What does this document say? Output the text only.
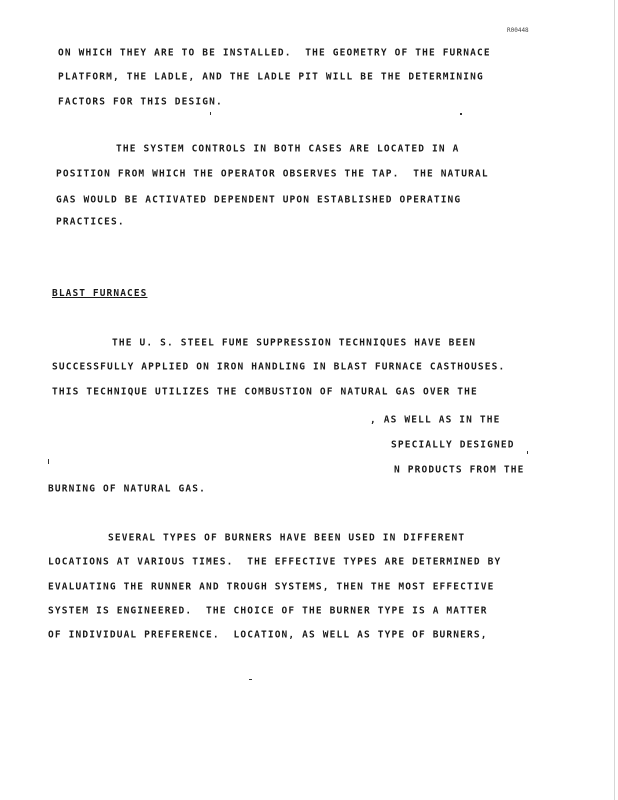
R00448
ON WHICH THEY ARE TO BE INSTALLED.  THE GEOMETRY OF THE FURNACE
PLATFORM, THE LADLE, AND THE LADLE PIT WILL BE THE DETERMINING
FACTORS FOR THIS DESIGN.
THE SYSTEM CONTROLS IN BOTH CASES ARE LOCATED IN A
POSITION FROM WHICH THE OPERATOR OBSERVES THE TAP.  THE NATURAL
GAS WOULD BE ACTIVATED DEPENDENT UPON ESTABLISHED OPERATING
PRACTICES.
BLAST FURNACES
THE U. S. STEEL FUME SUPPRESSION TECHNIQUES HAVE BEEN
SUCCESSFULLY APPLIED ON IRON HANDLING IN BLAST FURNACE CASTHOUSES.
THIS TECHNIQUE UTILIZES THE COMBUSTION OF NATURAL GAS OVER THE
, AS WELL AS IN THE
SPECIALLY DESIGNED
N PRODUCTS FROM THE
BURNING OF NATURAL GAS.
SEVERAL TYPES OF BURNERS HAVE BEEN USED IN DIFFERENT
LOCATIONS AT VARIOUS TIMES.  THE EFFECTIVE TYPES ARE DETERMINED BY
EVALUATING THE RUNNER AND TROUGH SYSTEMS, THEN THE MOST EFFECTIVE
SYSTEM IS ENGINEERED.  THE CHOICE OF THE BURNER TYPE IS A MATTER
OF INDIVIDUAL PREFERENCE.  LOCATION, AS WELL AS TYPE OF BURNERS,
